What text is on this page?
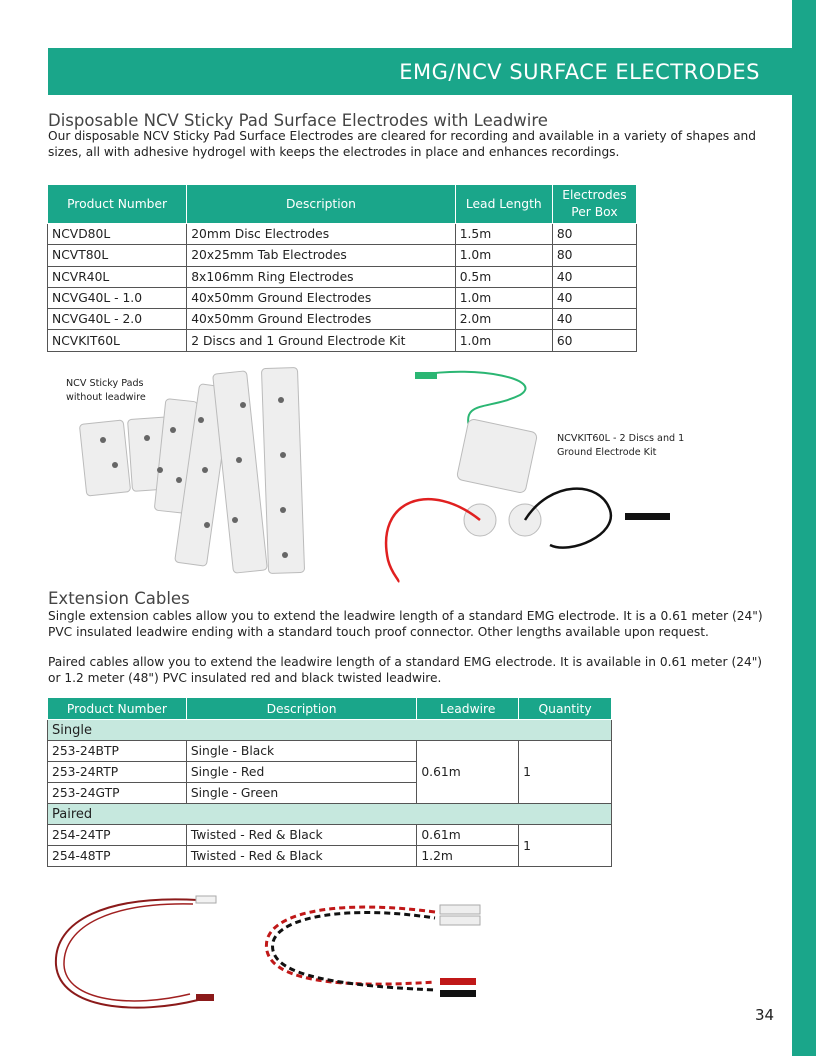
EMG/NCV SURFACE ELECTRODES
Disposable NCV Sticky Pad Surface Electrodes with Leadwire
Our disposable NCV Sticky Pad Surface Electrodes are cleared for recording and available in a variety of shapes and
sizes, all with adhesive hydrogel with keeps the electrodes in place and enhances recordings.
Product Number	Description	Lead Length	Electrodes
Per Box
NCVD80L	20mm Disc Electrodes	1.5m	80
NCVT80L	20x25mm Tab Electrodes	1.0m	80
NCVR40L	8x106mm Ring Electrodes	0.5m	40
NCVG40L - 1.0	40x50mm Ground Electrodes	1.0m	40
NCVG40L - 2.0	40x50mm Ground Electrodes	2.0m	40
NCVKIT60L	2 Discs and 1 Ground Electrode Kit	1.0m	60
NCV Sticky Pads
without leadwire
NCVKIT60L - 2 Discs and 1
Ground Electrode Kit
Extension Cables
Single extension cables allow you to extend the leadwire length of a standard EMG electrode. It is a 0.61 meter (24")
PVC insulated leadwire ending with a standard touch proof connector. Other lengths available upon request.
Paired cables allow you to extend the leadwire length of a standard EMG electrode. It is available in 0.61 meter (24")
or 1.2 meter (48") PVC insulated red and black twisted leadwire.
Product Number	Description	Leadwire	Quantity
Single			
253-24BTP	Single - Black	0.61m	1
253-24RTP	Single - Red		
253-24GTP	Single - Green		
Paired			
254-24TP	Twisted - Red & Black	0.61m	1
254-48TP	Twisted - Red & Black	1.2m	
34
